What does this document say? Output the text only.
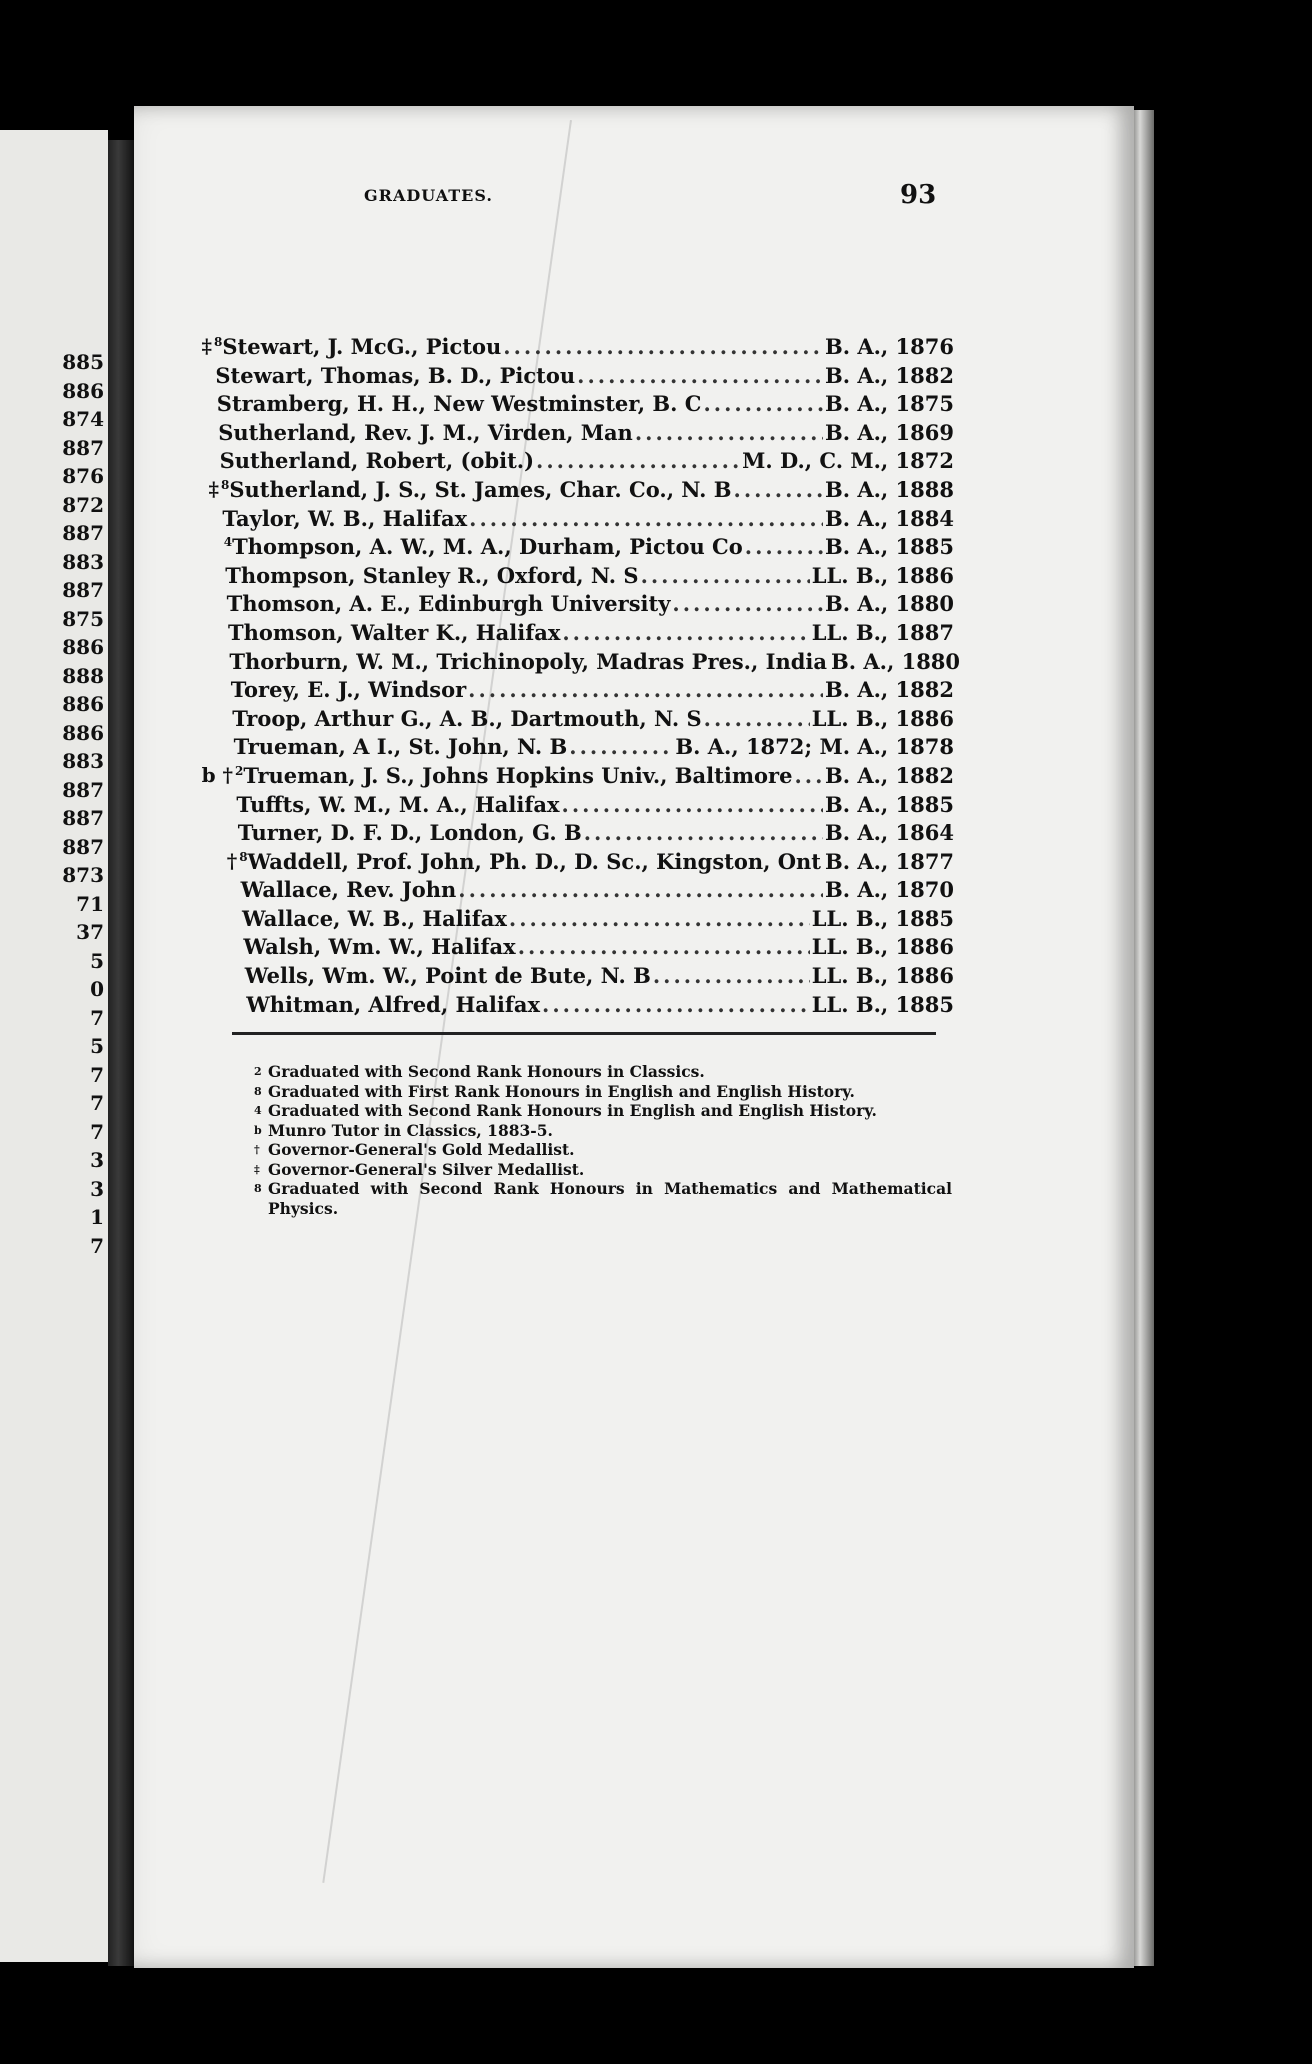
885
886
874
887
876
872
887
883
887
875
886
888
886
886
883
887
887
887
873
71
37
5
0
7
5
7
7
7
3
3
1
7
GRADUATES.	93
‡ $^8$Stewart, J. McG., Pictou .....	B. A., 1876
Stewart, Thomas, B. D., Pictou .....	B. A., 1882
Stramberg, H. H., New Westminster, B. C .....	B. A., 1875
Sutherland, Rev. J. M., Virden, Man .....	B. A., 1869
Sutherland, Robert, (obit.) .....	M. D., C. M., 1872
‡ $^8$Sutherland, J. S., St. James, Char. Co., N. B .....	B. A., 1888
Taylor, W. B., Halifax .....	B. A., 1884
$^4$Thompson, A. W., M. A., Durham, Pictou Co .....	B. A., 1885
Thompson, Stanley R., Oxford, N. S .....	LL. B., 1886
Thomson, A. E., Edinburgh University .....	B. A., 1880
Thomson, Walter K., Halifax .....	LL. B., 1887
Thorburn, W. M., Trichinopoly, Madras Pres., India B. A., 1880
Torey, E. J., Windsor .....	B. A., 1882
Troop, Arthur G., A. B., Dartmouth, N. S .....	LL. B., 1886
Trueman, A I., St. John, N. B .....	B. A., 1872; M. A., 1878
b † $^2$Trueman, J. S., Johns Hopkins Univ., Baltimore ..... B. A., 1882
Tuffts, W. M., M. A., Halifax .....	B. A., 1885
Turner, D. F. D., London, G. B .....	B. A., 1864
† $^8$Waddell, Prof. John, Ph. D., D. Sc., Kingston, Ont B. A., 1877
Wallace, Rev. John .....	B. A., 1870
Wallace, W. B., Halifax .....	LL. B., 1885
Walsh, Wm. W., Halifax .....	LL. B., 1886
Wells, Wm. W., Point de Bute, N. B .....	LL. B., 1886
Whitman, Alfred, Halifax .....	LL. B., 1885
2 Graduated with Second Rank Honours in Classics.
8 Graduated with First Rank Honours in English and English History.
4 Graduated with Second Rank Honours in English and English History.
b Munro Tutor in Classics, 1883-5.
† Governor-General's Gold Medallist.
‡ Governor-General's Silver Medallist.
8 Graduated with Second Rank Honours in Mathematics and Mathematical Physics.
